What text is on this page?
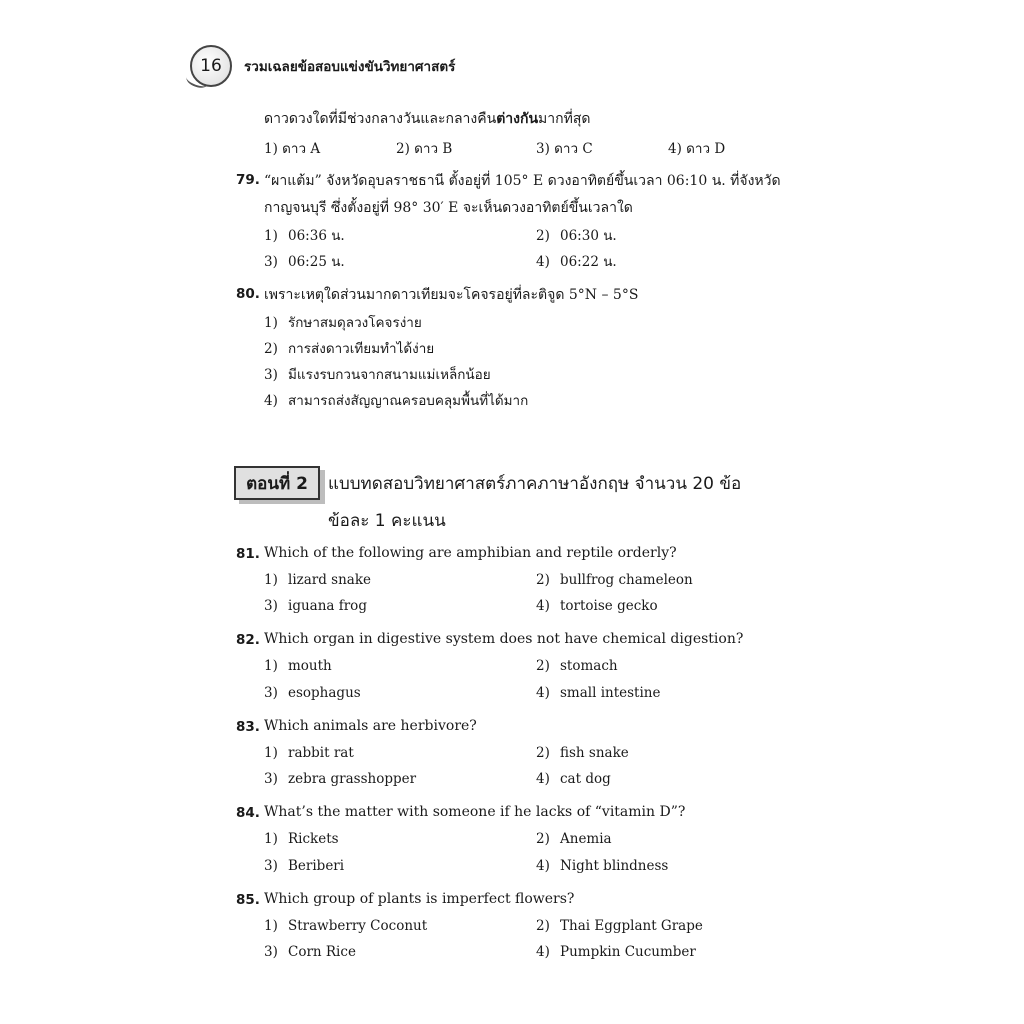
16 รวมเฉลยข้อสอบแข่งขันวิทยาศาสตร์
ดาวดวงใดที่มีช่วงกลางวันและกลางคืนต่างกันมากที่สุด
1) ดาว A	2) ดาว B	3) ดาว C	4) ดาว D
79. “ผาแต้ม” จังหวัดอุบลราชธานี ตั้งอยู่ที่ 105° E ดวงอาทิตย์ขึ้นเวลา 06:10 น. ที่จังหวัด
กาญจนบุรี ซึ่งตั้งอยู่ที่ 98° 30′ E จะเห็นดวงอาทิตย์ขึ้นเวลาใด
1) 06:36 น.	2) 06:30 น.
3) 06:25 น.	4) 06:22 น.
80. เพราะเหตุใดส่วนมากดาวเทียมจะโคจรอยู่ที่ละติจูด 5°N – 5°S
1) รักษาสมดุลวงโคจรง่าย
2) การส่งดาวเทียมทำได้ง่าย
3) มีแรงรบกวนจากสนามแม่เหล็กน้อย
4) สามารถส่งสัญญาณครอบคลุมพื้นที่ได้มาก
ตอนที่ 2 แบบทดสอบวิทยาศาสตร์ภาคภาษาอังกฤษ จำนวน 20 ข้อ
ข้อละ 1 คะแนน
81. Which of the following are amphibian and reptile orderly?
1) lizard snake	2) bullfrog chameleon
3) iguana frog	4) tortoise gecko
82. Which organ in digestive system does not have chemical digestion?
1) mouth	2) stomach
3) esophagus	4) small intestine
83. Which animals are herbivore?
1) rabbit rat	2) fish snake
3) zebra grasshopper	4) cat dog
84. What’s the matter with someone if he lacks of “vitamin D”?
1) Rickets	2) Anemia
3) Beriberi	4) Night blindness
85. Which group of plants is imperfect flowers?
1) Strawberry Coconut	2) Thai Eggplant Grape
3) Corn Rice	4) Pumpkin Cucumber
